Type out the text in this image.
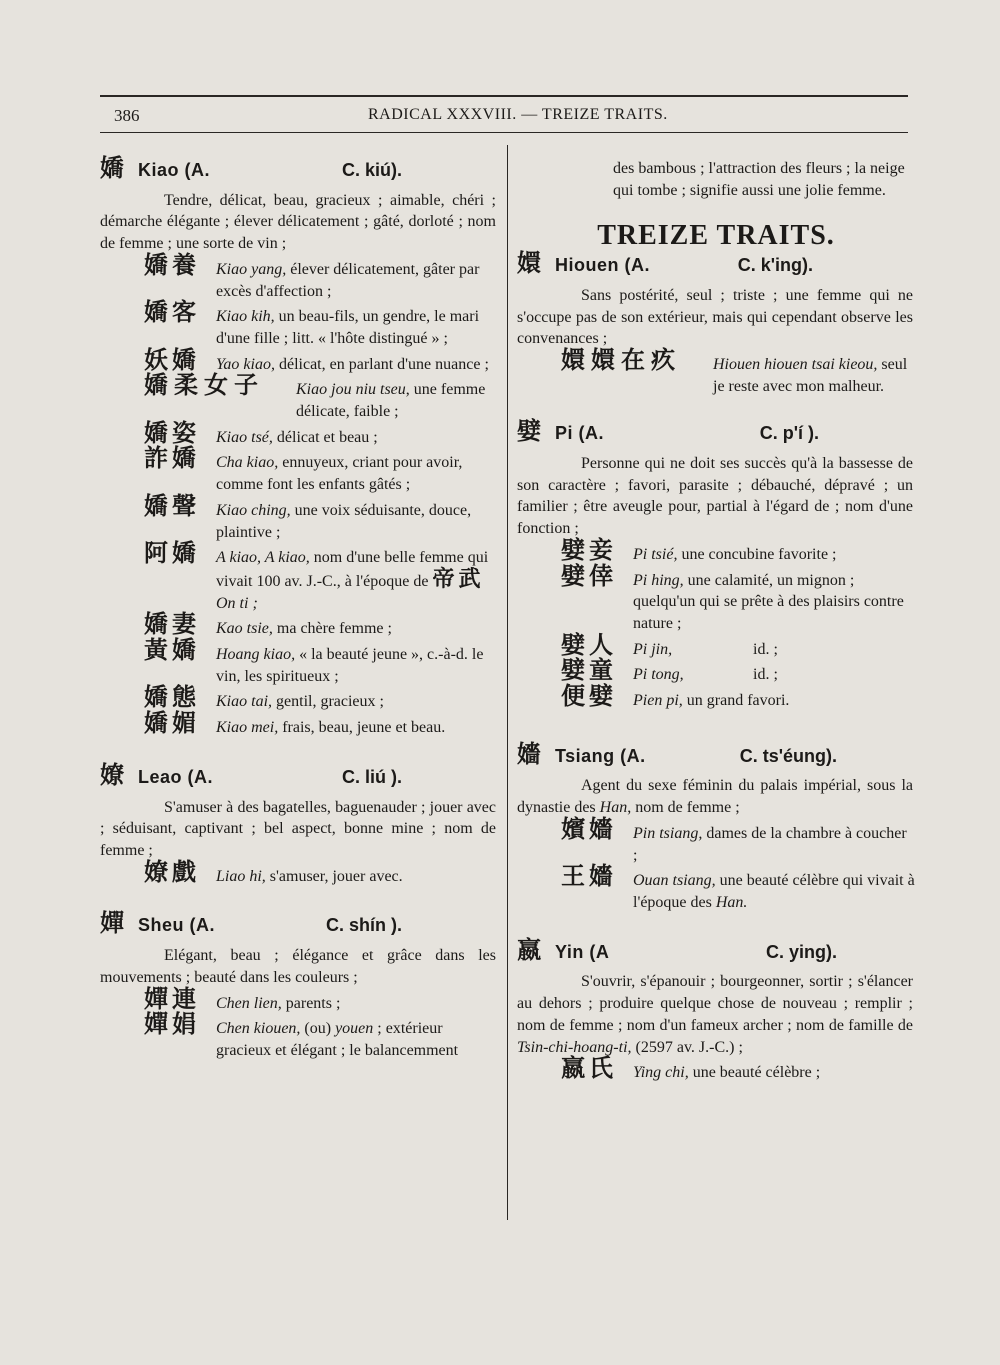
386	RADICAL XXXVIII. — TREIZE TRAITS.
嬌 Kiao (A.	C. kiú).
Tendre, délicat, beau, gracieux ; aimable, chéri ; démarche élégante ; élever délicatement ; gâté, dorloté ; nom de femme ; une sorte de vin ;
嬌養 Kiao yang, élever délicatement, gâter par excès d'affection ;
嬌客 Kiao kih, un beau-fils, un gendre, le mari d'une fille ; litt. « l'hôte distingué » ;
妖嬌 Yao kiao, délicat, en parlant d'une nuance ;
嬌柔女子 Kiao jou niu tseu, une femme délicate, faible ;
嬌姿 Kiao tsé, délicat et beau ;
詐嬌 Cha kiao, ennuyeux, criant pour avoir, comme font les enfants gâtés ;
嬌聲 Kiao ching, une voix séduisante, douce, plaintive ;
阿嬌 A kiao, A kiao, nom d'une belle femme qui vivait 100 av. J.-C., à l'époque de 帝武 On ti ;
嬌妻 Kao tsie, ma chère femme ;
黃嬌 Hoang kiao, « la beauté jeune », c.-à-d. le vin, les spiritueux ;
嬌態 Kiao tai, gentil, gracieux ;
嬌媚 Kiao mei, frais, beau, jeune et beau.
嫽 Leao (A.	C. liú ).
S'amuser à des bagatelles, baguenauder ; jouer avec ; séduisant, captivant ; bel aspect, bonne mine ; nom de femme ;
嫽戲 Liao hi, s'amuser, jouer avec.
嬋 Sheu (A.	C. shín ).
Elégant, beau ; élégance et grâce dans les mouvements ; beauté dans les couleurs ;
嬋連 Chen lien, parents ;
嬋娟 Chen kiouen, (ou) youen ; extérieur gracieux et élégant ; le balancemment
des bambous ; l'attraction des fleurs ; la neige qui tombe ; signifie aussi une jolie femme.
TREIZE TRAITS.
嬛 Hiouen (A.	C. k'ing).
Sans postérité, seul ; triste ; une femme qui ne s'occupe pas de son extérieur, mais qui cependant observe les convenances ;
嬛嬛在疚 Hiouen hiouen tsai kieou, seul je reste avec mon malheur.
嬖 Pi (A.	C. p'í ).
Personne qui ne doit ses succès qu'à la bassesse de son caractère ; favori, parasite ; débauché, dépravé ; un familier ; être aveugle pour, partial à l'égard de ; nom d'une fonction ;
嬖妾 Pi tsié, une concubine favorite ;
嬖倖 Pi hing, une calamité, un mignon ; quelqu'un qui se prête à des plaisirs contre nature ;
嬖人 Pi jin,	id. ;
嬖童 Pi tong,	id. ;
便嬖 Pien pi, un grand favori.
嬙 Tsiang (A.	C. ts'éung).
Agent du sexe féminin du palais impérial, sous la dynastie des Han, nom de femme ;
嬪嬙 Pin tsiang, dames de la chambre à coucher ;
王嬙 Ouan tsiang, une beauté célèbre qui vivait à l'époque des Han.
嬴 Yin (A	C. ying).
S'ouvrir, s'épanouir ; bourgeonner, sortir ; s'élancer au dehors ; produire quelque chose de nouveau ; remplir ; nom de femme ; nom d'un fameux archer ; nom de famille de Tsin-chi-hoang-ti, (2597 av. J.-C.) ;
嬴氏 Ying chi, une beauté célèbre ;
